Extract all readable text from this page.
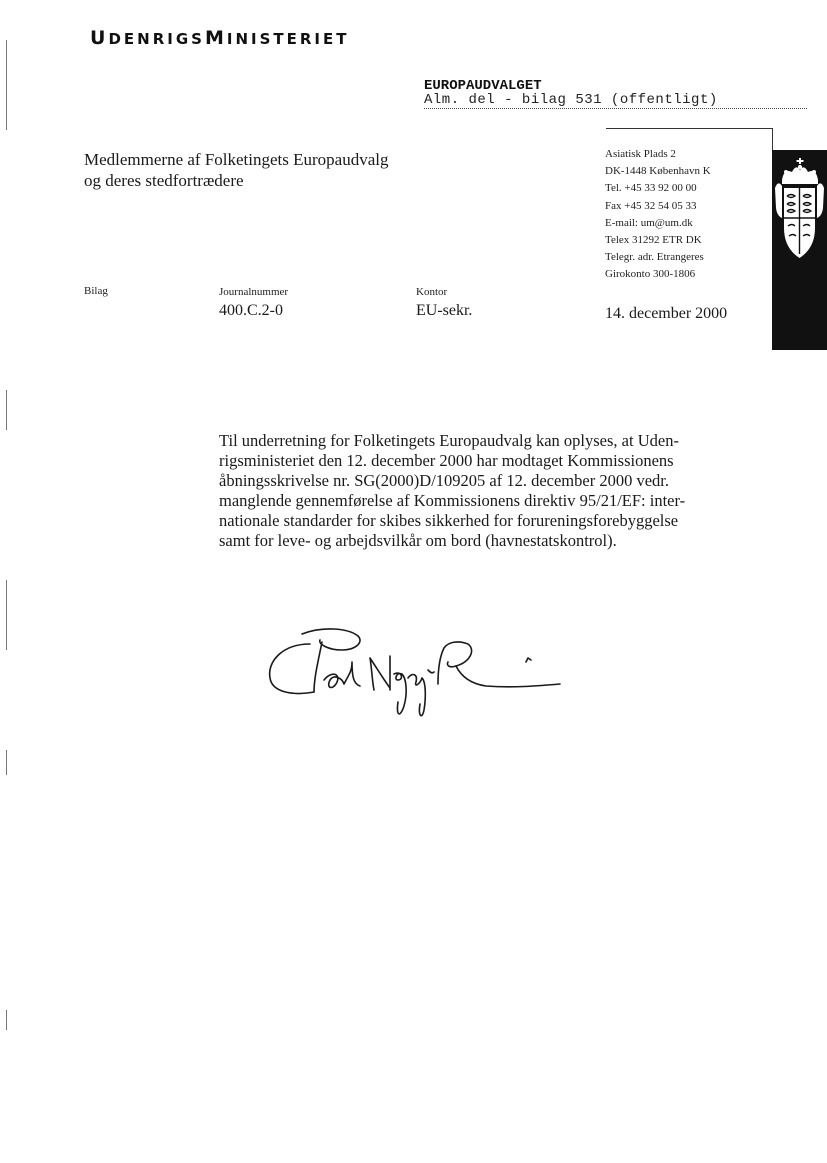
UDENRIGSMINISTERIET
EUROPAUDVALGET
Alm. del - bilag 531 (offentligt)
Medlemmerne af Folketingets Europaudvalg
og deres stedfortrædere
Asiatisk Plads 2
DK-1448 København K
Tel. +45 33 92 00 00
Fax +45 32 54 05 33
E-mail: um@um.dk
Telex 31292 ETR DK
Telegr. adr. Etrangeres
Girokonto 300-1806
Bilag	Journalnummer
400.C.2-0
Kontor
EU-sekr.	14. december 2000
Til underretning for Folketingets Europaudvalg kan oplyses, at Uden-
rigsministeriet den 12. december 2000 har modtaget Kommissionens
åbningsskrivelse nr. SG(2000)D/109205 af 12. december 2000 vedr.
manglende gennemførelse af Kommissionens direktiv 95/21/EF: inter-
nationale standarder for skibes sikkerhed for forureningsforebyggelse
samt for leve- og arbejdsvilkår om bord (havnestatskontrol).
